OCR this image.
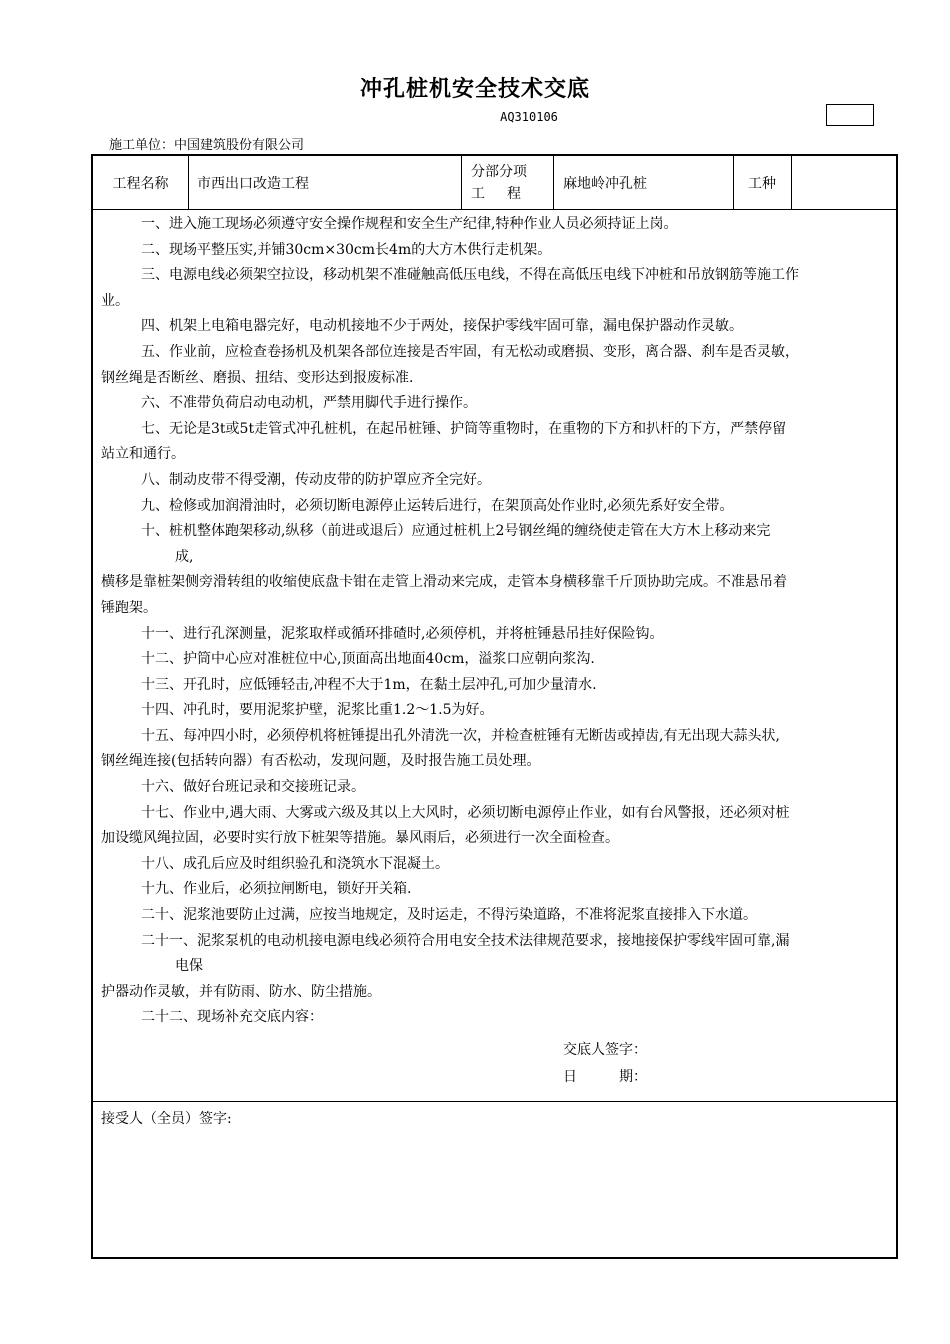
冲孔桩机安全技术交底
AQ310106
施工单位：中国建筑股份有限公司
工程名称	市西出口改造工程
分部分项
工程
麻地岭冲孔桩	工种
一、进入施工现场必须遵守安全操作规程和安全生产纪律,特种作业人员必须持证上岗。
二、现场平整压实,并铺30cm×30cm长4m的大方木供行走机架。
三、电源电线必须架空拉设，移动机架不准碰触高低压电线，不得在高低压电线下冲桩和吊放钢筋等施工作
业。
四、机架上电箱电器完好，电动机接地不少于两处，接保护零线牢固可靠，漏电保护器动作灵敏。
五、作业前，应检查卷扬机及机架各部位连接是否牢固，有无松动或磨损、变形，离合器、刹车是否灵敏，
钢丝绳是否断丝、磨损、扭结、变形达到报废标准.
六、不准带负荷启动电动机，严禁用脚代手进行操作。
七、无论是3t或5t走管式冲孔桩机，在起吊桩锤、护筒等重物时，在重物的下方和扒杆的下方，严禁停留
站立和通行。
八、制动皮带不得受潮，传动皮带的防护罩应齐全完好。
九、检修或加润滑油时，必须切断电源停止运转后进行，在架顶高处作业时,必须先系好安全带。
十、桩机整体跑架移动,纵移（前进或退后）应通过桩机上2号钢丝绳的缠绕使走管在大方木上移动来完
成,
横移是靠桩架侧旁滑转组的收缩使底盘卡钳在走管上滑动来完成，走管本身横移靠千斤顶协助完成。不准悬吊着
锤跑架。
十一、进行孔深测量，泥浆取样或循环排碴时,必须停机，并将桩锤悬吊挂好保险钩。
十二、护筒中心应对准桩位中心,顶面高出地面40cm，溢浆口应朝向浆沟.
十三、开孔时，应低锤轻击,冲程不大于1m，在黏土层冲孔,可加少量清水.
十四、冲孔时，要用泥浆护壁，泥浆比重1.2～1.5为好。
十五、每冲四小时，必须停机将桩锤提出孔外清洗一次，并检查桩锤有无断齿或掉齿,有无出现大蒜头状,
钢丝绳连接(包括转向器）有否松动，发现问题，及时报告施工员处理。
十六、做好台班记录和交接班记录。
十七、作业中,遇大雨、大雾或六级及其以上大风时，必须切断电源停止作业，如有台风警报，还必须对桩
加设缆风绳拉固，必要时实行放下桩架等措施。暴风雨后，必须进行一次全面检查。
十八、成孔后应及时组织验孔和浇筑水下混凝土。
十九、作业后，必须拉闸断电，锁好开关箱.
二十、泥浆池要防止过满，应按当地规定，及时运走，不得污染道路，不准将泥浆直接排入下水道。
二十一、泥浆泵机的电动机接电源电线必须符合用电安全技术法律规范要求，接地接保护零线牢固可靠,漏
电保
护器动作灵敏，并有防雨、防水、防尘措施。
二十二、现场补充交底内容：
交底人签字：
日　　　期：
接受人（全员）签字:
